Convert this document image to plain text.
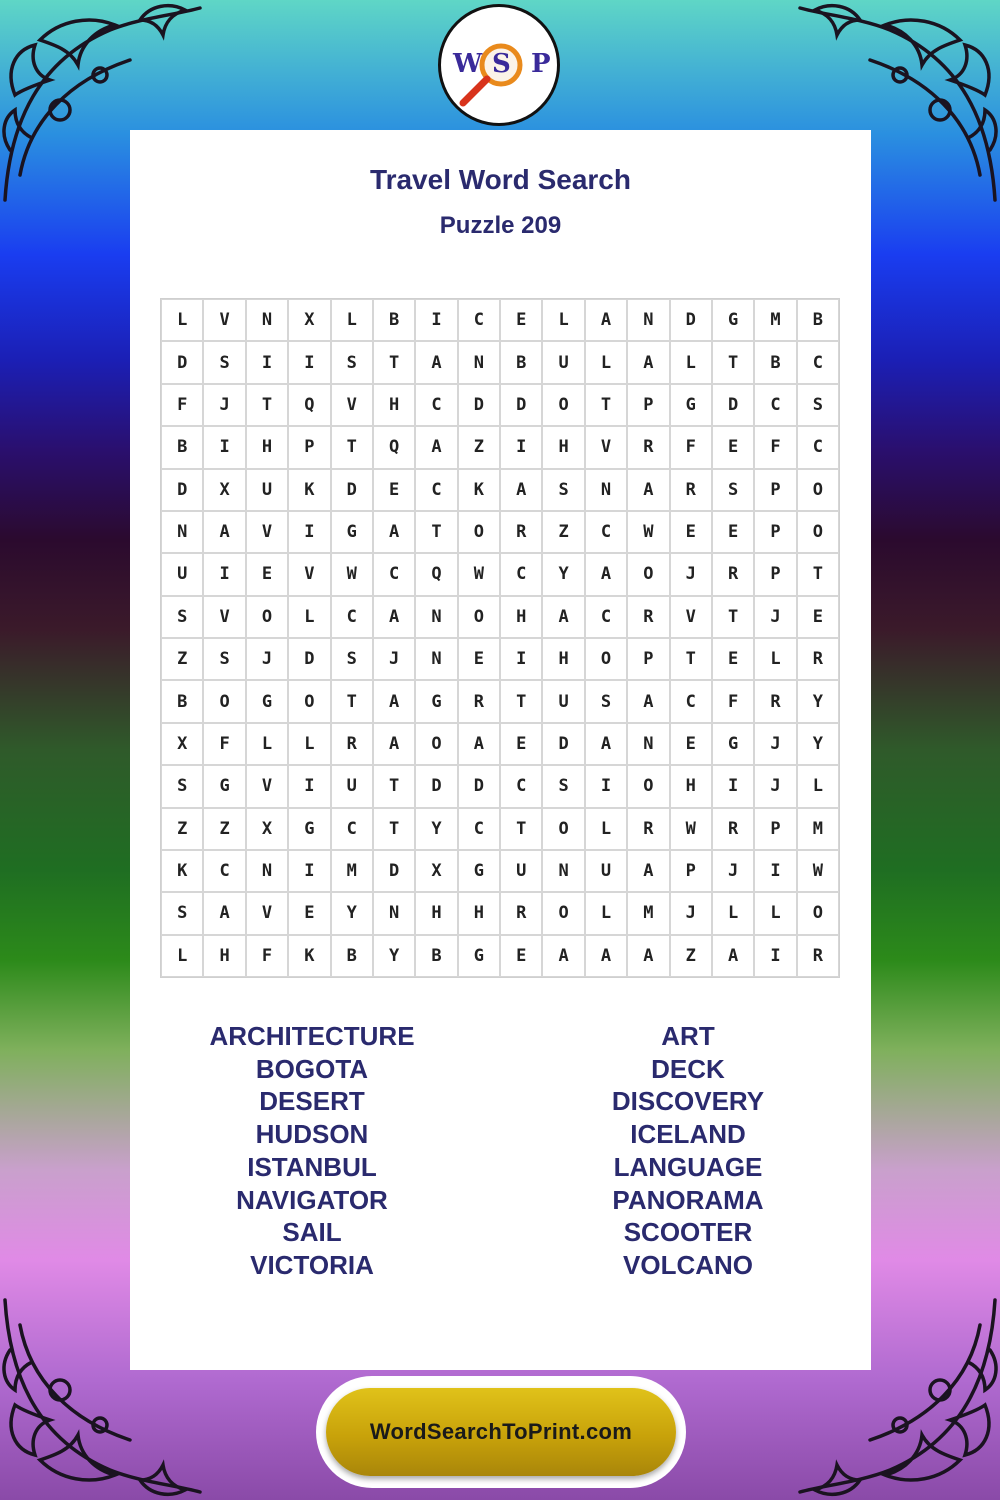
W S P
Travel Word Search
Puzzle 209
L	V	N	X	L	B	I	C	E	L	A	N	D	G	M	B
D	S	I	I	S	T	A	N	B	U	L	A	L	T	B	C
F	J	T	Q	V	H	C	D	D	O	T	P	G	D	C	S
B	I	H	P	T	Q	A	Z	I	H	V	R	F	E	F	C
D	X	U	K	D	E	C	K	A	S	N	A	R	S	P	O
N	A	V	I	G	A	T	O	R	Z	C	W	E	E	P	O
U	I	E	V	W	C	Q	W	C	Y	A	O	J	R	P	T
S	V	O	L	C	A	N	O	H	A	C	R	V	T	J	E
Z	S	J	D	S	J	N	E	I	H	O	P	T	E	L	R
B	O	G	O	T	A	G	R	T	U	S	A	C	F	R	Y
X	F	L	L	R	A	O	A	E	D	A	N	E	G	J	Y
S	G	V	I	U	T	D	D	C	S	I	O	H	I	J	L
Z	Z	X	G	C	T	Y	C	T	O	L	R	W	R	P	M
K	C	N	I	M	D	X	G	U	N	U	A	P	J	I	W
S	A	V	E	Y	N	H	H	R	O	L	M	J	L	L	O
L	H	F	K	B	Y	B	G	E	A	A	A	Z	A	I	R
ARCHITECTURE
BOGOTA
DESERT
HUDSON
ISTANBUL
NAVIGATOR
SAIL
VICTORIA
ART
DECK
DISCOVERY
ICELAND
LANGUAGE
PANORAMA
SCOOTER
VOLCANO
WordSearchToPrint.com
